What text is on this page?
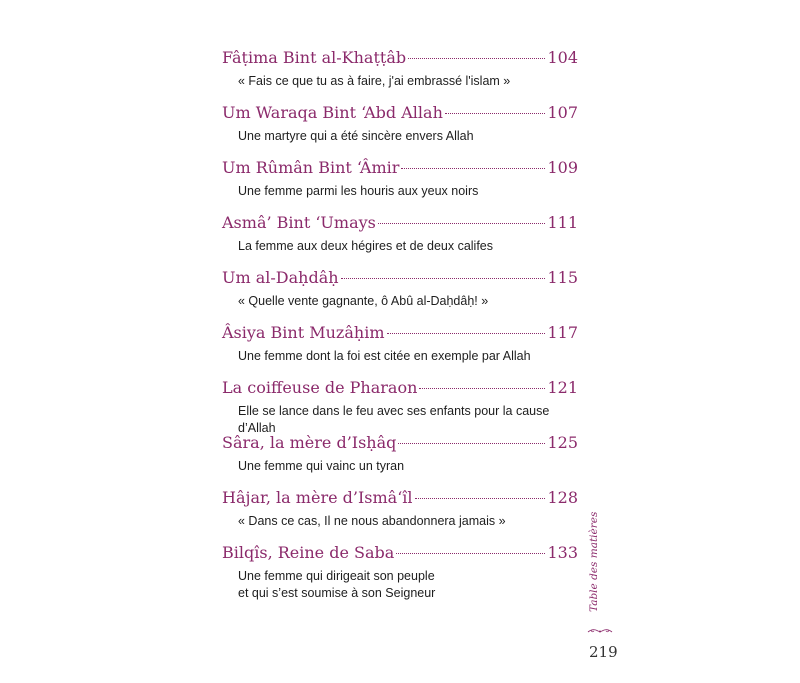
Fâṭima Bint al-Khaṭṭâb	104
« Fais ce que tu as à faire, j'ai embrassé l'islam »
Um Waraqa Bint ‘Abd Allah	107
Une martyre qui a été sincère envers Allah
Um Rûmân Bint ‘Âmir	109
Une femme parmi les houris aux yeux noirs
Asmâ’ Bint ‘Umays	111
La femme aux deux hégires et de deux califes
Um al-Daḥdâḥ	115
« Quelle vente gagnante, ô Abû al-Daḥdâḥ! »
Âsiya Bint Muzâḥim	117
Une femme dont la foi est citée en exemple par Allah
La coiffeuse de Pharaon	121
Elle se lance dans le feu avec ses enfants pour la cause d’Allah
Sâra, la mère d’Isḥâq	125
Une femme qui vainc un tyran
Hâjar, la mère d’Ismâ‘îl	128
« Dans ce cas, Il ne nous abandonnera jamais »
Bilqîs, Reine de Saba	133
Une femme qui dirigeait son peuple
et qui s’est soumise à son Seigneur	Table des matières
219
